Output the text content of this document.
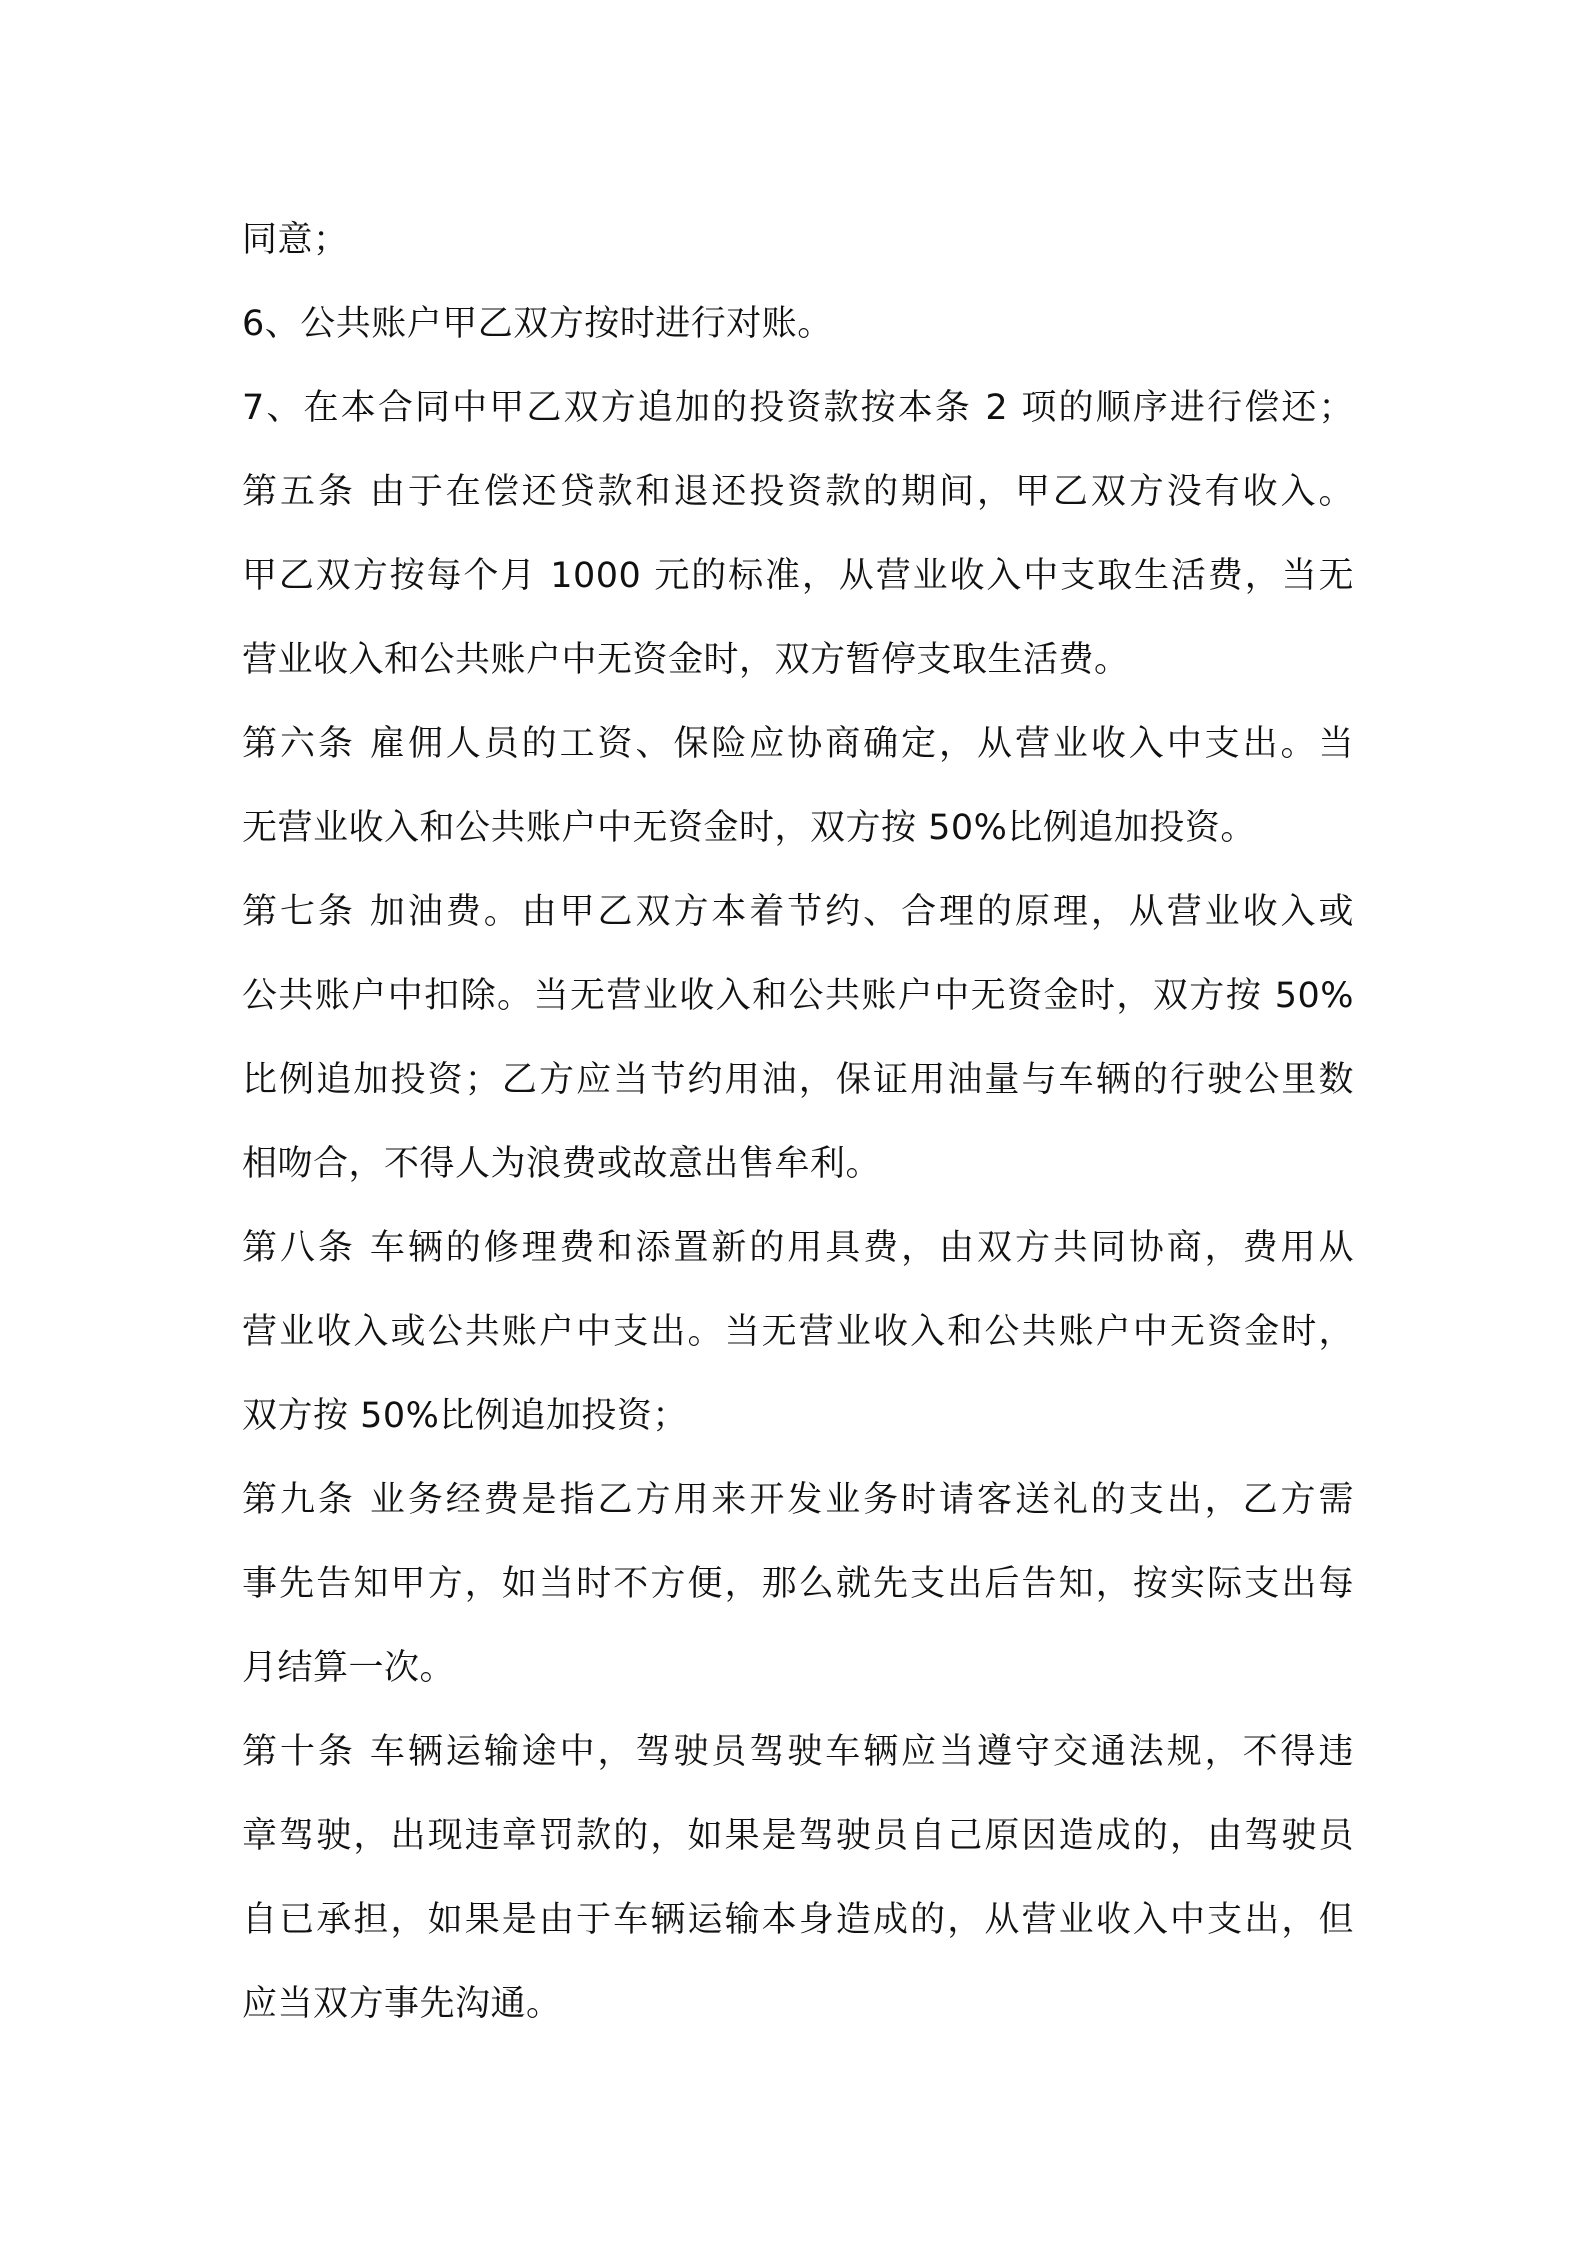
同意；
6、公共账户甲乙双方按时进行对账。
7、在本合同中甲乙双方追加的投资款按本条 2 项的顺序进行偿还；
第五条 由于在偿还贷款和退还投资款的期间，甲乙双方没有收入。
甲乙双方按每个月 1000 元的标准，从营业收入中支取生活费，当无
营业收入和公共账户中无资金时，双方暂停支取生活费。
第六条 雇佣人员的工资、保险应协商确定，从营业收入中支出。当
无营业收入和公共账户中无资金时，双方按 50%比例追加投资。
第七条 加油费。由甲乙双方本着节约、合理的原理，从营业收入或
公共账户中扣除。当无营业收入和公共账户中无资金时，双方按 50%
比例追加投资；乙方应当节约用油，保证用油量与车辆的行驶公里数
相吻合，不得人为浪费或故意出售牟利。
第八条 车辆的修理费和添置新的用具费，由双方共同协商，费用从
营业收入或公共账户中支出。当无营业收入和公共账户中无资金时，
双方按 50%比例追加投资；
第九条 业务经费是指乙方用来开发业务时请客送礼的支出，乙方需
事先告知甲方，如当时不方便，那么就先支出后告知，按实际支出每
月结算一次。
第十条 车辆运输途中，驾驶员驾驶车辆应当遵守交通法规，不得违
章驾驶，出现违章罚款的，如果是驾驶员自己原因造成的，由驾驶员
自已承担，如果是由于车辆运输本身造成的，从营业收入中支出，但
应当双方事先沟通。
